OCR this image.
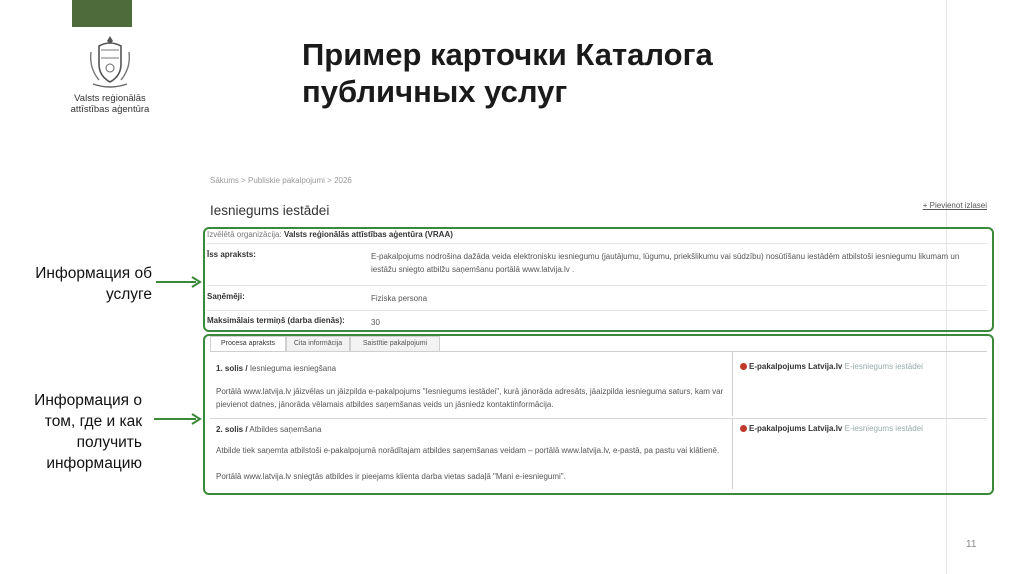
Valsts reģionālās
attīstības aģentūra
Пример карточки Каталога
публичных услуг
Информация об
услуге
Информация о
том, где и как
получить
информацию
Sākums > Publiskie pakalpojumi > 2026
Iesniegums iestādei	+ Pievienot izlasei
Izvēlētā organizācija: Valsts reģionālās attīstības aģentūra (VRAA)
Īss apraksts:	E-pakalpojums nodrošina dažāda veida elektronisku iesniegumu (jautājumu, lūgumu, priekšlikumu vai sūdzību) nosūtīšanu iestādēm atbilstoši iesniegumu likumam un iestāžu sniegto atbilžu saņemšanu portālā www.latvija.lv .
Saņēmēji:	Fiziska persona
Maksimālais termiņš (darba dienās):	30
Procesa apraksts	Cita informācija	Saistītie pakalpojumi
1. solis / Iesnieguma iesniegšana
Portālā www.latvija.lv jāizvēlas un jāizpilda e-pakalpojums "Iesniegums iestādei", kurā jānorāda adresāts, jāaizpilda iesnieguma saturs, kam var pievienot datnes, jānorāda vēlamais atbildes saņemšanas veids un jāsniedz kontaktinformācija.
E-pakalpojums Latvija.lv E-iesniegums iestādei
2. solis / Atbildes saņemšana
Atbilde tiek saņemta atbilstoši e-pakalpojumā norādītajam atbildes saņemšanas veidam – portālā www.latvija.lv, e-pastā, pa pastu vai klātienē.
Portālā www.latvija.lv sniegtās atbildes ir pieejams klienta darba vietas sadaļā "Mani e-iesniegumi".
E-pakalpojums Latvija.lv E-iesniegums iestādei
11
